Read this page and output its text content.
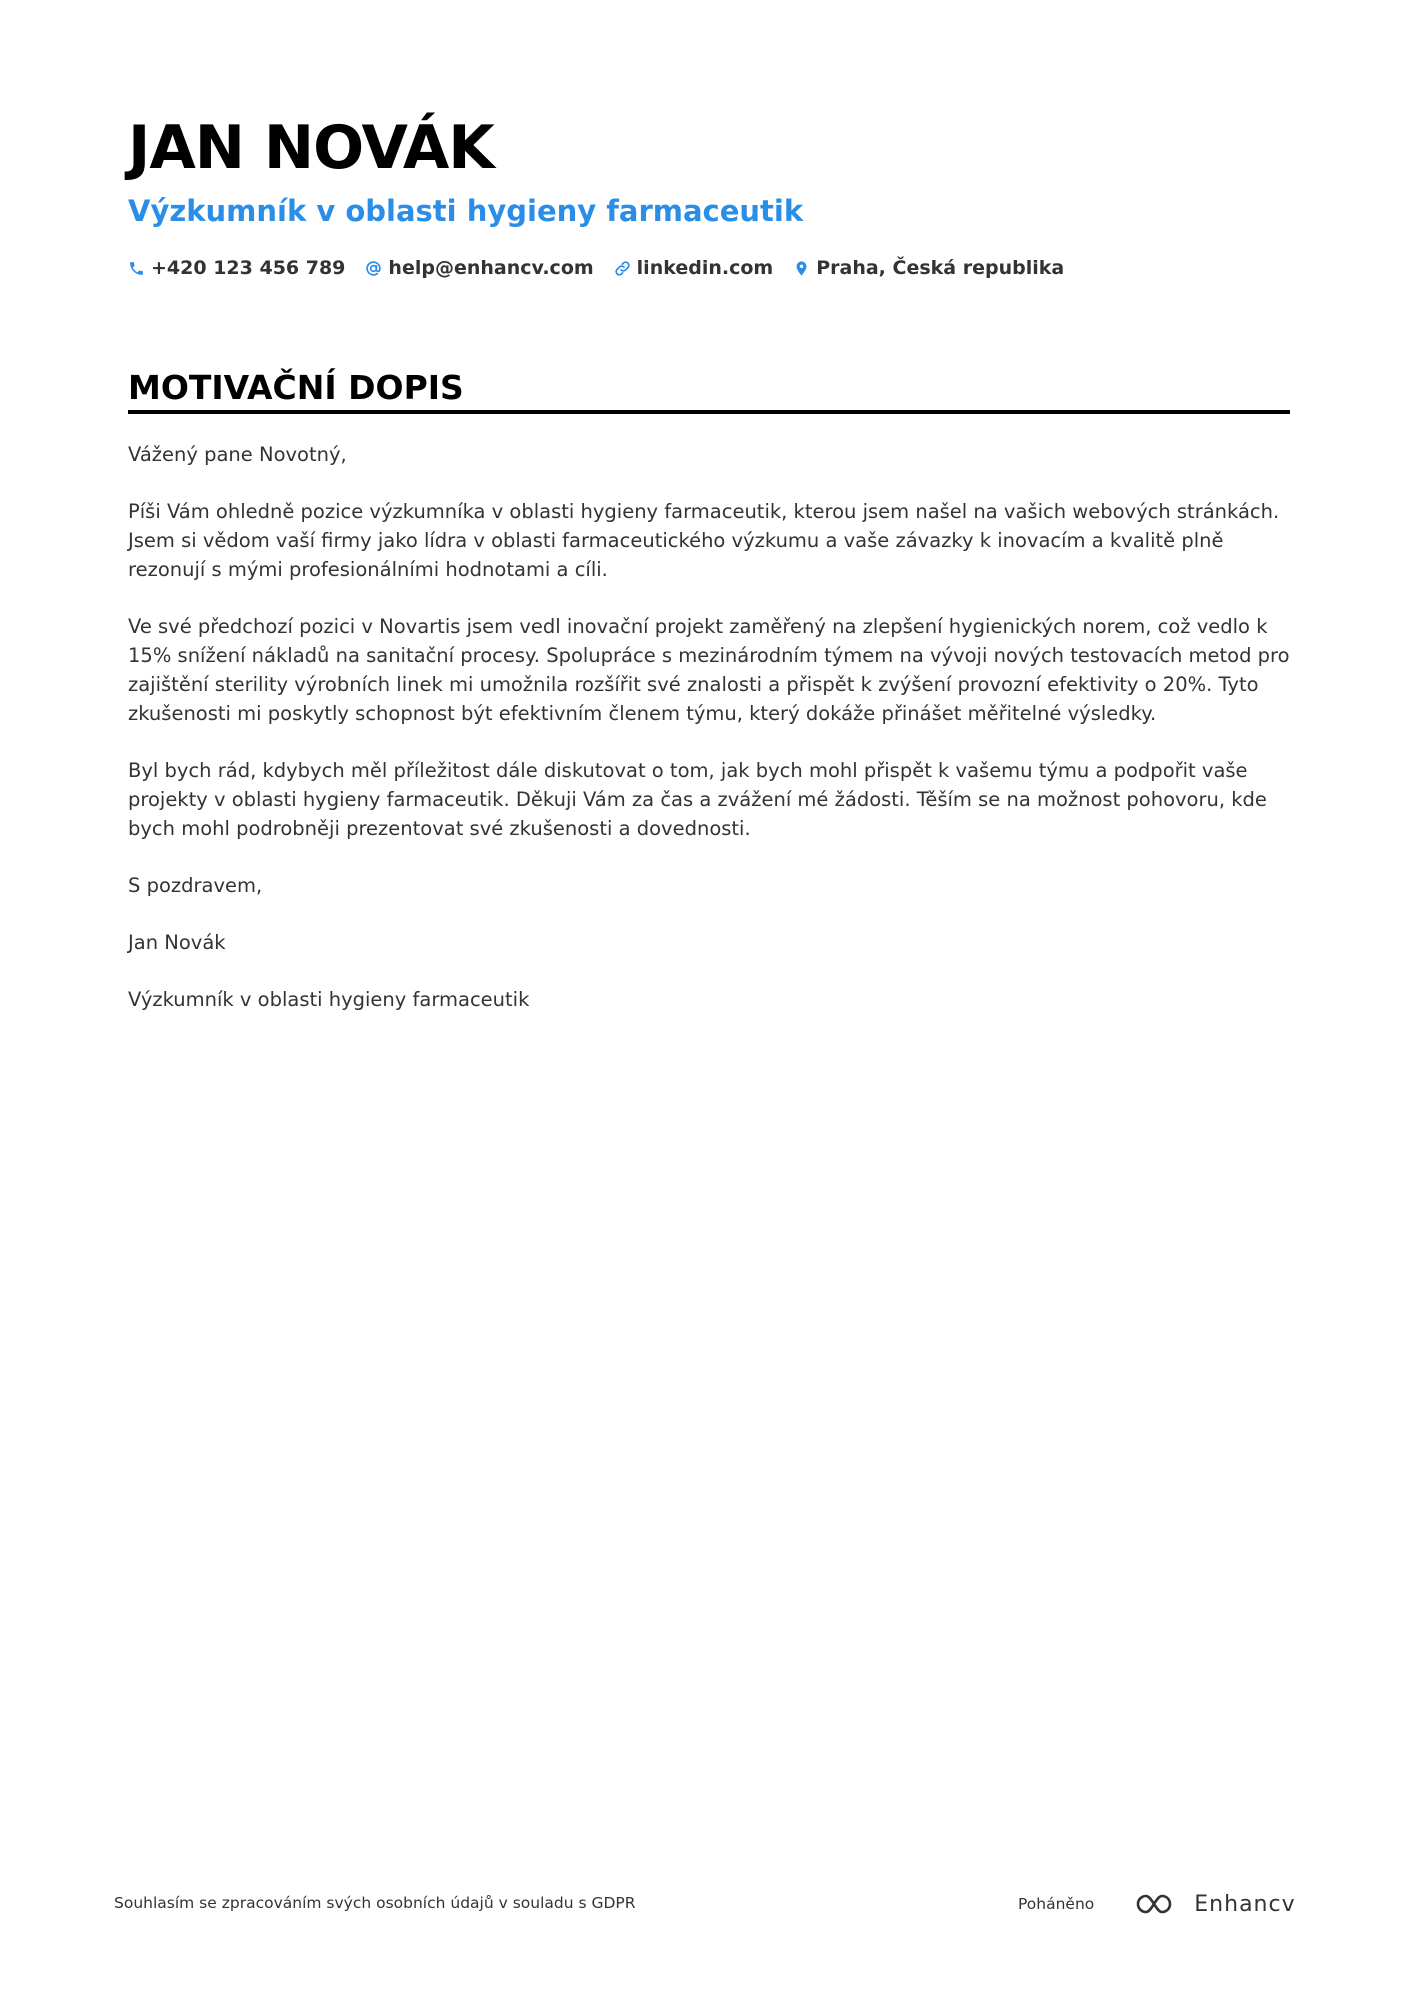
JAN NOVÁK
Výzkumník v oblasti hygieny farmaceutik
+420 123 456 789 help@enhancv.com linkedin.com Praha, Česká republika
MOTIVAČNÍ DOPIS

Vážený pane Novotný,

Píši Vám ohledně pozice výzkumníka v oblasti hygieny farmaceutik, kterou jsem našel na vašich webových stránkách. Jsem si vědom vaší firmy jako lídra v oblasti farmaceutického výzkumu a vaše závazky k inovacím a kvalitě plně rezonují s mými profesionálními hodnotami a cíli.

Ve své předchozí pozici v Novartis jsem vedl inovační projekt zaměřený na zlepšení hygienických norem, což vedlo k 15% snížení nákladů na sanitační procesy. Spolupráce s mezinárodním týmem na vývoji nových testovacích metod pro zajištění sterility výrobních linek mi umožnila rozšířit své znalosti a přispět k zvýšení provozní efektivity o 20%. Tyto zkušenosti mi poskytly schopnost být efektivním členem týmu, který dokáže přinášet měřitelné výsledky.

Byl bych rád, kdybych měl příležitost dále diskutovat o tom, jak bych mohl přispět k vašemu týmu a podpořit vaše projekty v oblasti hygieny farmaceutik. Děkuji Vám za čas a zvážení mé žádosti. Těším se na možnost pohovoru, kde bych mohl podrobněji prezentovat své zkušenosti a dovednosti.

S pozdravem,

Jan Novák

Výzkumník v oblasti hygieny farmaceutik

Souhlasím se zpracováním svých osobních údajů v souladu s GDPR	Poháněno	Enhancv
